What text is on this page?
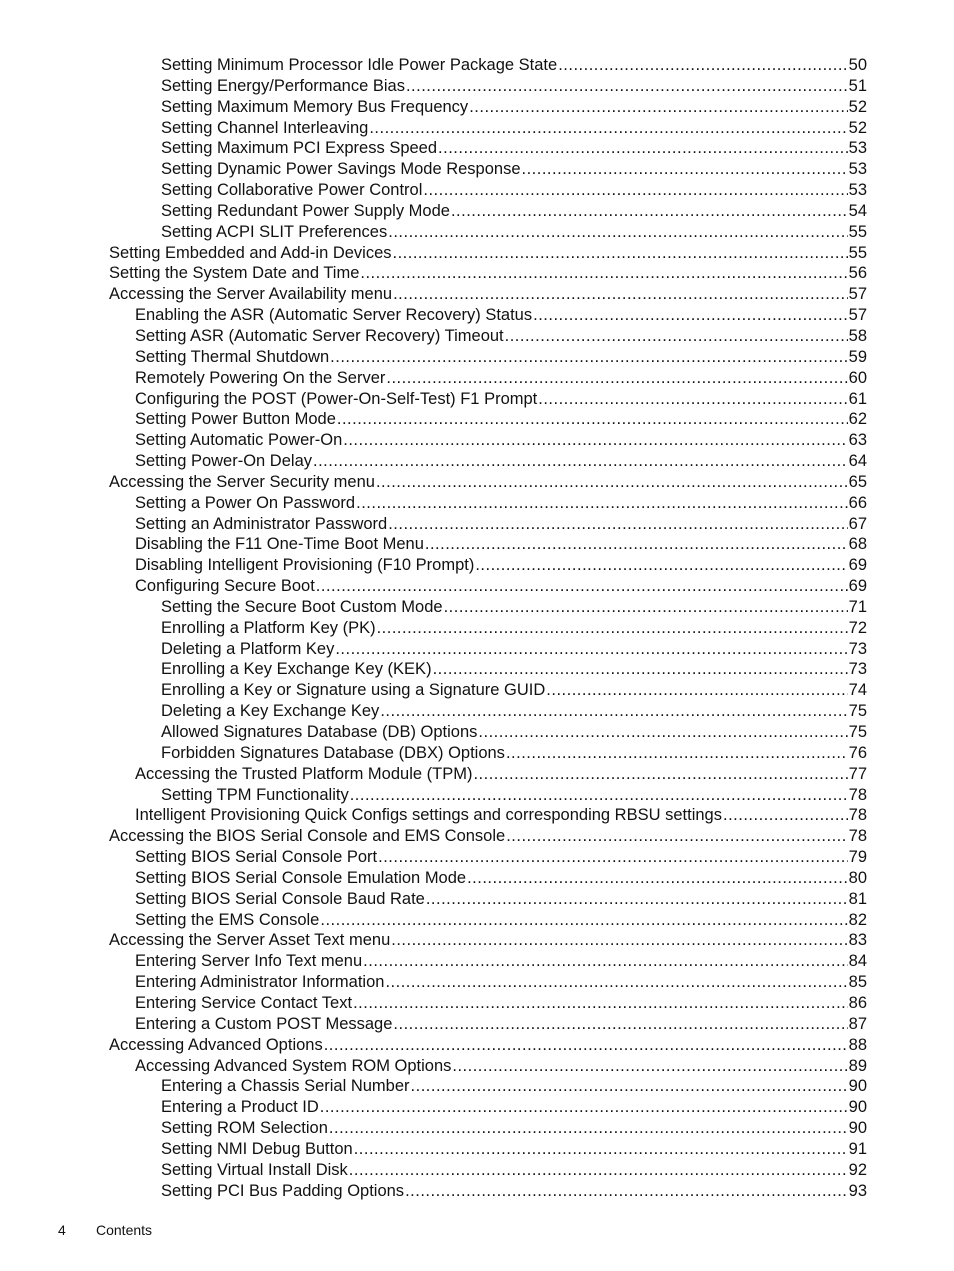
Setting Minimum Processor Idle Power Package State .....	50
Setting Energy/Performance Bias .....	51
Setting Maximum Memory Bus Frequency .....	52
Setting Channel Interleaving .....	52
Setting Maximum PCI Express Speed .....	53
Setting Dynamic Power Savings Mode Response .....	53
Setting Collaborative Power Control .....	53
Setting Redundant Power Supply Mode .....	54
Setting ACPI SLIT Preferences .....	55
Setting Embedded and Add-in Devices .....	55
Setting the System Date and Time .....	56
Accessing the Server Availability menu .....	57
Enabling the ASR (Automatic Server Recovery) Status .....	57
Setting ASR (Automatic Server Recovery) Timeout .....	58
Setting Thermal Shutdown .....	59
Remotely Powering On the Server .....	60
Configuring the POST (Power-On-Self-Test) F1 Prompt .....	61
Setting Power Button Mode .....	62
Setting Automatic Power-On .....	63
Setting Power-On Delay .....	64
Accessing the Server Security menu .....	65
Setting a Power On Password .....	66
Setting an Administrator Password .....	67
Disabling the F11 One-Time Boot Menu .....	68
Disabling Intelligent Provisioning (F10 Prompt) .....	69
Configuring Secure Boot .....	69
Setting the Secure Boot Custom Mode .....	71
Enrolling a Platform Key (PK) .....	72
Deleting a Platform Key .....	73
Enrolling a Key Exchange Key (KEK) .....	73
Enrolling a Key or Signature using a Signature GUID .....	74
Deleting a Key Exchange Key .....	75
Allowed Signatures Database (DB) Options .....	75
Forbidden Signatures Database (DBX) Options .....	76
Accessing the Trusted Platform Module (TPM) .....	77
Setting TPM Functionality .....	78
Intelligent Provisioning Quick Configs settings and corresponding RBSU settings .....	78
Accessing the BIOS Serial Console and EMS Console .....	78
Setting BIOS Serial Console Port .....	79
Setting BIOS Serial Console Emulation Mode .....	80
Setting BIOS Serial Console Baud Rate .....	81
Setting the EMS Console .....	82
Accessing the Server Asset Text menu .....	83
Entering Server Info Text menu .....	84
Entering Administrator Information .....	85
Entering Service Contact Text .....	86
Entering a Custom POST Message .....	87
Accessing Advanced Options .....	88
Accessing Advanced System ROM Options .....	89
Entering a Chassis Serial Number .....	90
Entering a Product ID .....	90
Setting ROM Selection .....	90
Setting NMI Debug Button .....	91
Setting Virtual Install Disk .....	92
Setting PCI Bus Padding Options .....	93
4 Contents
